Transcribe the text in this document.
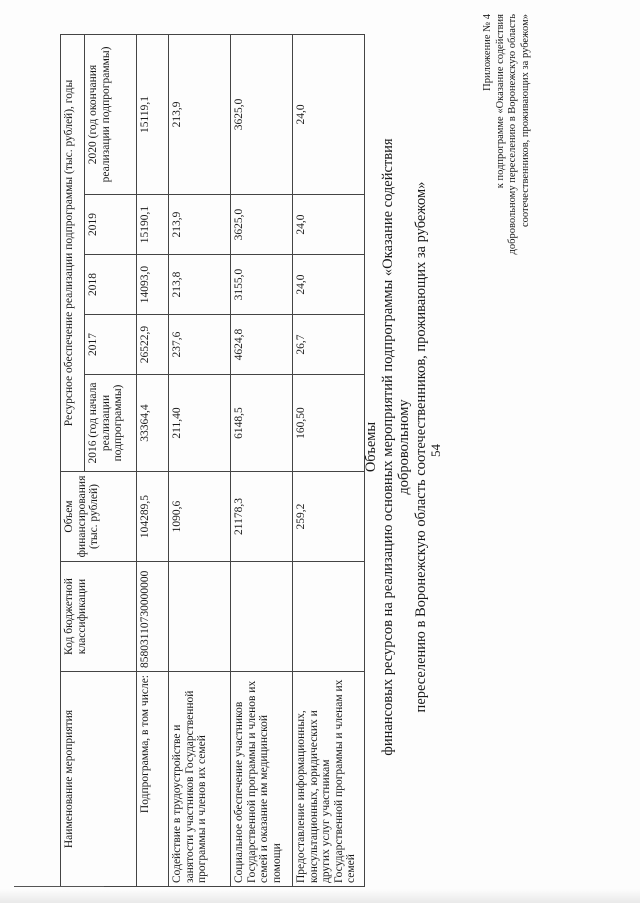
54
Приложение № 4 к подпрограмме «Оказание содействия добровольному переселению в Воронежскую область соотечественников, проживающих за рубежом»
Объемы финансовых ресурсов на реализацию основных мероприятий подпрограммы «Оказание содействия добровольному переселению в Воронежскую область соотечественников, проживающих за рубежом»
Наименование мероприятия	Код бюджетной классификации	Объем финансирования (тыс. рублей)	Ресурсное обеспечение реализации подпрограммы (тыс. рублей), годы				
			2016 (год начала реализации подпрограммы)	2017	2018	2019	2020 (год окончания реализации подпрограммы)
Подпрограмма, в том числе:	85803110730000000	104289,5	33364,4	26522,9	14093,0	15190,1	15119,1
Содействие в трудоустройстве и занятости участников Государственной программы и членов их семей		1090,6	211,40	237,6	213,8	213,9	213,9
Социальное обеспечение участников Государственной программы и членов их семей и оказание им медицинской помощи		21178,3	6148,5	4624,8	3155,0	3625,0	3625,0
Предоставление информационных, консультационных, юридических и других услуг участникам Государственной программы и членам их семей		259,2	160,50	26,7	24,0	24,0	24,0
